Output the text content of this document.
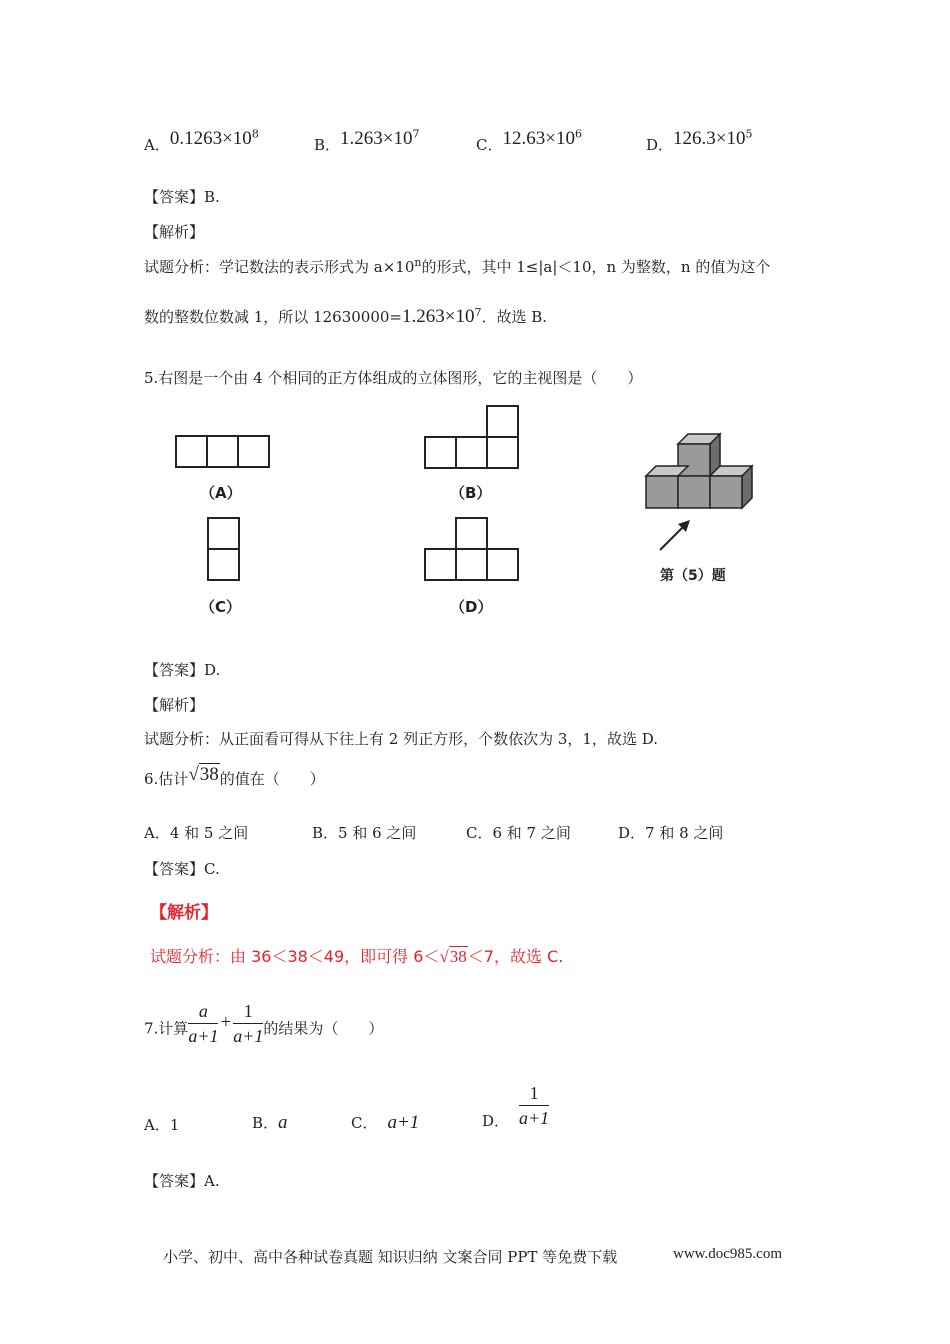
A．$0.1263\times 10^8$
B．$1.263\times 10^7$
C．$12.63\times 10^6$
D．$126.3\times 10^5$
【答案】B.
【解析】
试题分析：学记数法的表示形式为 $a\times 10^n$的形式，其中 1≤|a|＜10，n 为整数，n 的值为这个
数的整数位数减 1，所以 $12630000=1.263\times 10^7$．故选 B.
5.右图是一个由 4 个相同的正方体组成的立体图形，它的主视图是（　　）
（A）	（B）
第（5）题
（C）	（D）
【答案】D.
【解析】
试题分析：从正面看可得从下往上有 2 列正方形，个数依次为 3，1，故选 D.
6.估计√38的值在（　　）
A．4 和 5 之间	B．5 和 6 之间	C．6 和 7 之间	D．7 和 8 之间
【答案】C.
【解析】
试题分析：由 36＜38＜49，即可得 6＜√38＜7，故选 C.
7.计算 $\frac{a}{a+1} + \frac{1}{a+1}$ 的结果为（　　）
A．1	B．a	C． a+1	D． $\frac{1}{a+1}$
【答案】A.
小学、初中、高中各种试卷真题 知识归纳 文案合同 PPT 等免费下载	www.doc985.com
